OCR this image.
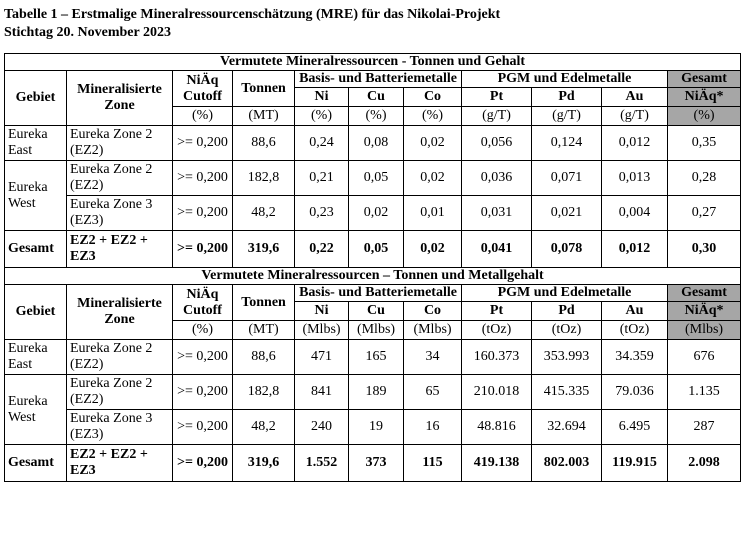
Tabelle 1 – Erstmalige Mineralressourcenschätzung (MRE) für das Nikolai-Projekt
Stichtag 20. November 2023
Vermutete Mineralressourcen - Tonnen und Gehalt										
Gebiet	Mineralisierte Zone	NiÄq Cutoff	Tonnen	Basis- und Batteriemetalle			PGM und Edelmetalle			Gesamt
				Ni	Cu	Co	Pt	Pd	Au	NiÄq*
		(%)	(MT)	(%)	(%)	(%)	(g/T)	(g/T)	(g/T)	(%)
Eureka East	Eureka Zone 2 (EZ2)	>= 0,200	88,6	0,24	0,08	0,02	0,056	0,124	0,012	0,35
Eureka West	Eureka Zone 2 (EZ2)	>= 0,200	182,8	0,21	0,05	0,02	0,036	0,071	0,013	0,28
	Eureka Zone 3 (EZ3)	>= 0,200	48,2	0,23	0,02	0,01	0,031	0,021	0,004	0,27
Gesamt	EZ2 + EZ2 + EZ3	>= 0,200	319,6	0,22	0,05	0,02	0,041	0,078	0,012	0,30
Vermutete Mineralressourcen – Tonnen und Metallgehalt										
Gebiet	Mineralisierte Zone	NiÄq Cutoff	Tonnen	Basis- und Batteriemetalle			PGM und Edelmetalle			Gesamt
				Ni	Cu	Co	Pt	Pd	Au	NiÄq*
		(%)	(MT)	(Mlbs)	(Mlbs)	(Mlbs)	(tOz)	(tOz)	(tOz)	(Mlbs)
Eureka East	Eureka Zone 2 (EZ2)	>= 0,200	88,6	471	165	34	160.373	353.993	34.359	676
Eureka West	Eureka Zone 2 (EZ2)	>= 0,200	182,8	841	189	65	210.018	415.335	79.036	1.135
	Eureka Zone 3 (EZ3)	>= 0,200	48,2	240	19	16	48.816	32.694	6.495	287
Gesamt	EZ2 + EZ2 + EZ3	>= 0,200	319,6	1.552	373	115	419.138	802.003	119.915	2.098
